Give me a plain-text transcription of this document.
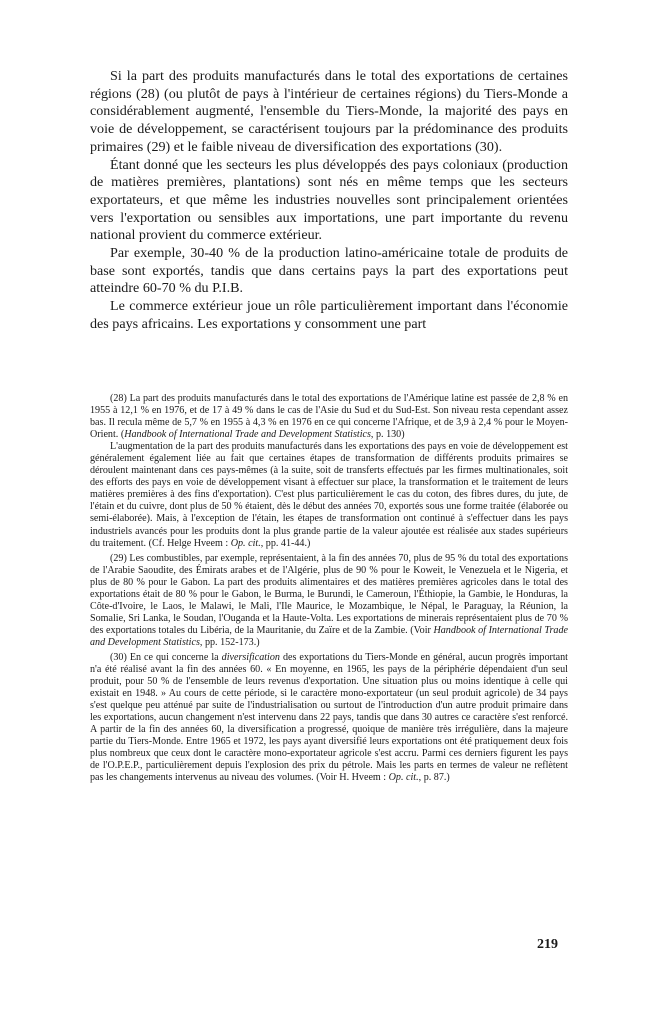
Si la part des produits manufacturés dans le total des exportations de certaines régions (28) (ou plutôt de pays à l'intérieur de certaines régions) du Tiers-Monde a considérablement augmenté, l'ensemble du Tiers-Monde, la majorité des pays en voie de développement, se caractérisent toujours par la prédominance des produits primaires (29) et le faible niveau de diversification des exportations (30).

Étant donné que les secteurs les plus développés des pays coloniaux (production de matières premières, plantations) sont nés en même temps que les secteurs exportateurs, et que même les industries nouvelles sont principalement orientées vers l'exportation ou sensibles aux importations, une part importante du revenu national provient du commerce extérieur.

Par exemple, 30-40 % de la production latino-américaine totale de produits de base sont exportés, tandis que dans certains pays la part des exportations peut atteindre 60-70 % du P.I.B.

Le commerce extérieur joue un rôle particulièrement important dans l'économie des pays africains. Les exportations y consomment une part

(28) La part des produits manufacturés dans le total des exportations de l'Amérique latine est passée de 2,8 % en 1955 à 12,1 % en 1976, et de 17 à 49 % dans le cas de l'Asie du Sud et du Sud-Est. Son niveau resta cependant assez bas. Il recula même de 5,7 % en 1955 à 4,3 % en 1976 en ce qui concerne l'Afrique, et de 3,9 à 2,4 % pour le Moyen-Orient. (Handbook of International Trade and Development Statistics, p. 130)

L'augmentation de la part des produits manufacturés dans les exportations des pays en voie de développement est généralement également liée au fait que certaines étapes de transformation de différents produits primaires se déroulent maintenant dans ces pays-mêmes (à la suite, soit de transferts effectués par les firmes multinationales, soit des efforts des pays en voie de développement visant à effectuer sur place, la transformation et le traitement de leurs matières premières à des fins d'exportation). C'est plus particulièrement le cas du coton, des fibres dures, du jute, de l'étain et du cuivre, dont plus de 50 % étaient, dès le début des années 70, exportés sous une forme traitée (élaborée ou semi-élaborée). Mais, à l'exception de l'étain, les étapes de transformation ont continué à s'effectuer dans les pays industriels avancés pour les produits dont la plus grande partie de la valeur ajoutée est réalisée aux stades supérieurs du traitement. (Cf. Helge Hveem : Op. cit., pp. 41-44.)

(29) Les combustibles, par exemple, représentaient, à la fin des années 70, plus de 95 % du total des exportations de l'Arabie Saoudite, des Émirats arabes et de l'Algérie, plus de 90 % pour le Koweit, le Venezuela et le Nigeria, et plus de 80 % pour le Gabon. La part des produits alimentaires et des matières premières agricoles dans le total des exportations était de 80 % pour le Gabon, le Burma, le Burundi, le Cameroun, l'Éthiopie, la Gambie, le Honduras, la Côte-d'Ivoire, le Laos, le Malawi, le Mali, l'Ile Maurice, le Mozambique, le Népal, le Paraguay, la Réunion, la Somalie, Sri Lanka, le Soudan, l'Ouganda et la Haute-Volta. Les exportations de minerais représentaient plus de 70 % des exportations totales du Libéria, de la Mauritanie, du Zaïre et de la Zambie. (Voir Handbook of International Trade and Development Statistics, pp. 152-173.)

(30) En ce qui concerne la diversification des exportations du Tiers-Monde en général, aucun progrès important n'a été réalisé avant la fin des années 60. « En moyenne, en 1965, les pays de la périphérie dépendaient d'un seul produit, pour 50 % de l'ensemble de leurs revenus d'exportation. Une situation plus ou moins identique à celle qui existait en 1948. » Au cours de cette période, si le caractère mono-exportateur (un seul produit agricole) de 34 pays s'est quelque peu atténué par suite de l'industrialisation ou surtout de l'introduction d'un autre produit primaire dans les exportations, aucun changement n'est intervenu dans 22 pays, tandis que dans 30 autres ce caractère s'est renforcé. A partir de la fin des années 60, la diversification a progressé, quoique de manière très irrégulière, dans la majeure partie du Tiers-Monde. Entre 1965 et 1972, les pays ayant diversifié leurs exportations ont été pratiquement deux fois plus nombreux que ceux dont le caractère mono-exportateur agricole s'est accru. Parmi ces derniers figurent les pays de l'O.P.E.P., particulièrement depuis l'explosion des prix du pétrole. Mais les parts en termes de valeur ne reflètent pas les changements intervenus au niveau des volumes. (Voir H. Hveem : Op. cit., p. 87.)

219
